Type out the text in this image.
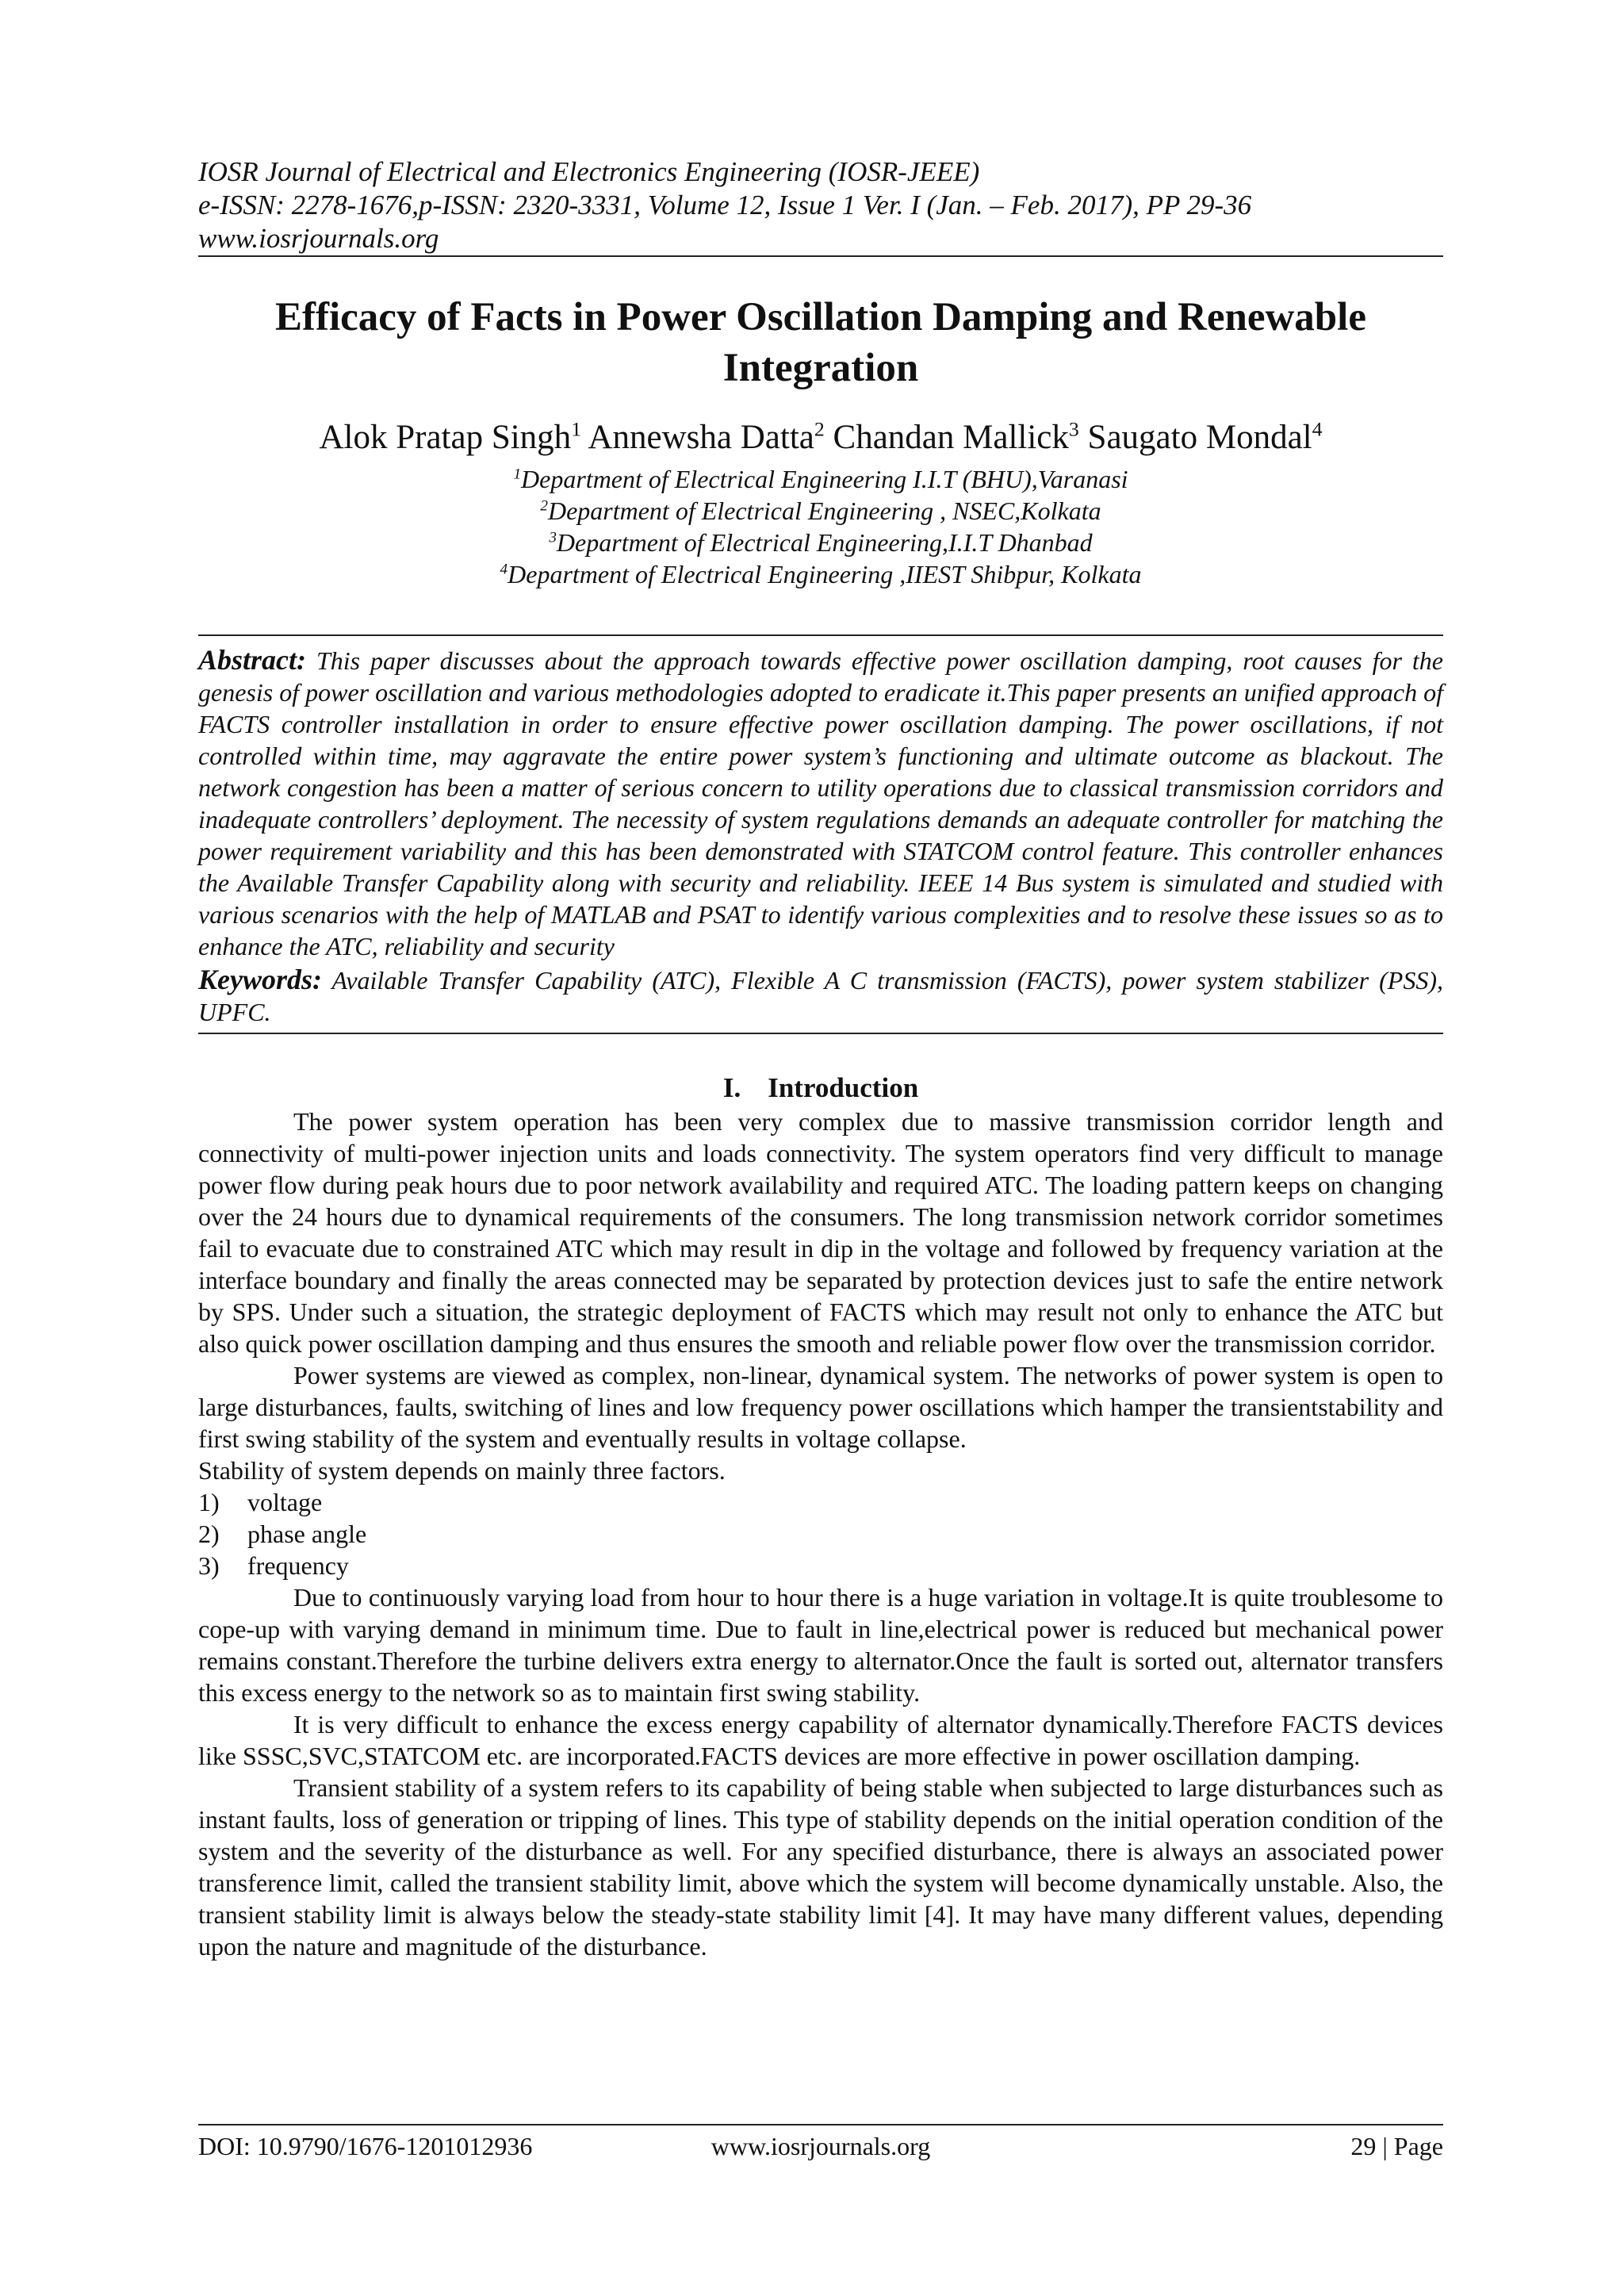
IOSR Journal of Electrical and Electronics Engineering (IOSR-JEEE)
e-ISSN: 2278-1676,p-ISSN: 2320-3331, Volume 12, Issue 1 Ver. I (Jan. – Feb. 2017), PP 29-36
www.iosrjournals.org
Efficacy of Facts in Power Oscillation Damping and Renewable
Integration
Alok Pratap Singh$^1$ Annewsha Datta$^2$ Chandan Mallick$^3$ Saugato Mondal$^4$
$^1$Department of Electrical Engineering I.I.T (BHU),Varanasi
$^2$Department of Electrical Engineering , NSEC,Kolkata
$^3$Department of Electrical Engineering,I.I.T Dhanbad
$^4$Department of Electrical Engineering ,IIEST Shibpur, Kolkata

Abstract: This paper discusses about the approach towards effective power oscillation damping, root causes for the genesis of power oscillation and various methodologies adopted to eradicate it.This paper presents an unified approach of FACTS controller installation in order to ensure effective power oscillation damping. The power oscillations, if not controlled within time, may aggravate the entire power system’s functioning and ultimate outcome as blackout. The network congestion has been a matter of serious concern to utility operations due to classical transmission corridors and inadequate controllers’ deployment. The necessity of system regulations demands an adequate controller for matching the power requirement variability and this has been demonstrated with STATCOM control feature. This controller enhances the Available Transfer Capability along with security and reliability. IEEE 14 Bus system is simulated and studied with various scenarios with the help of MATLAB and PSAT to identify various complexities and to resolve these issues so as to enhance the ATC, reliability and security

Keywords: Available Transfer Capability (ATC), Flexible A C transmission (FACTS), power system stabilizer (PSS), UPFC.

I. Introduction

The power system operation has been very complex due to massive transmission corridor length and connectivity of multi-power injection units and loads connectivity. The system operators find very difficult to manage power flow during peak hours due to poor network availability and required ATC. The loading pattern keeps on changing over the 24 hours due to dynamical requirements of the consumers. The long transmission network corridor sometimes fail to evacuate due to constrained ATC which may result in dip in the voltage and followed by frequency variation at the interface boundary and finally the areas connected may be separated by protection devices just to safe the entire network by SPS. Under such a situation, the strategic deployment of FACTS which may result not only to enhance the ATC but also quick power oscillation damping and thus ensures the smooth and reliable power flow over the transmission corridor.

Power systems are viewed as complex, non-linear, dynamical system. The networks of power system is open to large disturbances, faults, switching of lines and low frequency power oscillations which hamper the transientstability and first swing stability of the system and eventually results in voltage collapse.

Stability of system depends on mainly three factors.

1) voltage
2) phase angle
3) frequency

Due to continuously varying load from hour to hour there is a huge variation in voltage.It is quite troublesome to cope-up with varying demand in minimum time. Due to fault in line,electrical power is reduced but mechanical power remains constant.Therefore the turbine delivers extra energy to alternator.Once the fault is sorted out, alternator transfers this excess energy to the network so as to maintain first swing stability.

It is very difficult to enhance the excess energy capability of alternator dynamically.Therefore FACTS devices like SSSC,SVC,STATCOM etc. are incorporated.FACTS devices are more effective in power oscillation damping.

Transient stability of a system refers to its capability of being stable when subjected to large disturbances such as instant faults, loss of generation or tripping of lines. This type of stability depends on the initial operation condition of the system and the severity of the disturbance as well. For any specified disturbance, there is always an associated power transference limit, called the transient stability limit, above which the system will become dynamically unstable. Also, the transient stability limit is always below the steady-state stability limit [4]. It may have many different values, depending upon the nature and magnitude of the disturbance.

DOI: 10.9790/1676-1201012936	www.iosrjournals.org	29 | Page
